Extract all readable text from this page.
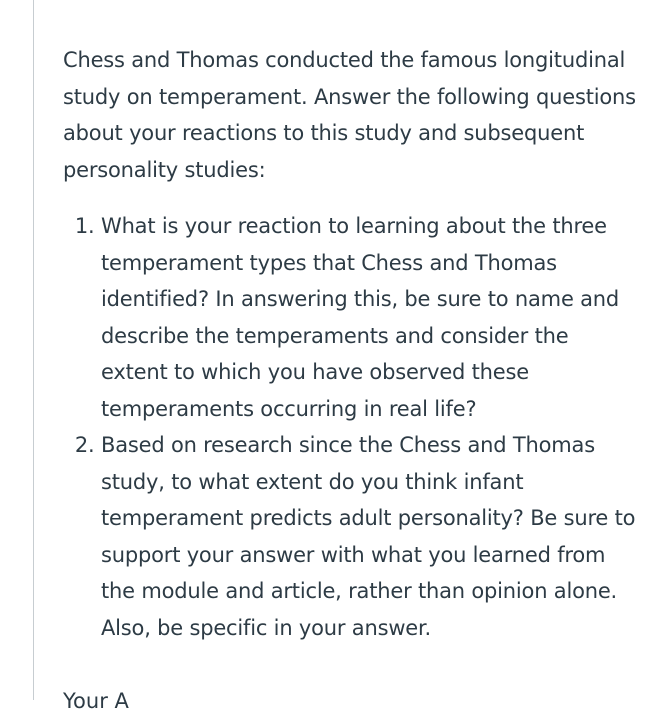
Chess and Thomas conducted the famous longitudinal study on temperament. Answer the following questions about your reactions to this study and subsequent personality studies:

1. What is your reaction to learning about the three temperament types that Chess and Thomas identified? In answering this, be sure to name and describe the temperaments and consider the extent to which you have observed these temperaments occurring in real life?
2. Based on research since the Chess and Thomas study, to what extent do you think infant temperament predicts adult personality? Be sure to support your answer with what you learned from the module and article, rather than opinion alone. Also, be specific in your answer.
Your A
